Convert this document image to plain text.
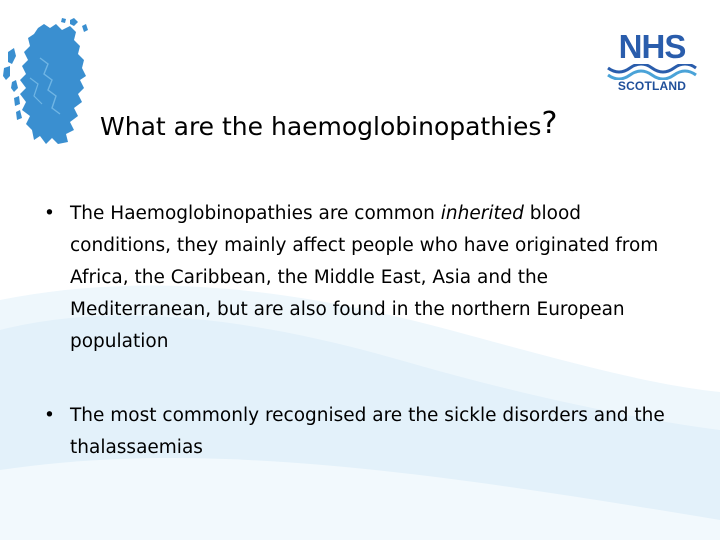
NHS
SCOTLAND
What are the haemoglobinopathies?
• The Haemoglobinopathies are common inherited blood conditions, they mainly affect people who have originated from Africa, the Caribbean, the Middle East, Asia and the Mediterranean, but are also found in the northern European population
• The most commonly recognised are the sickle disorders and the thalassaemias
